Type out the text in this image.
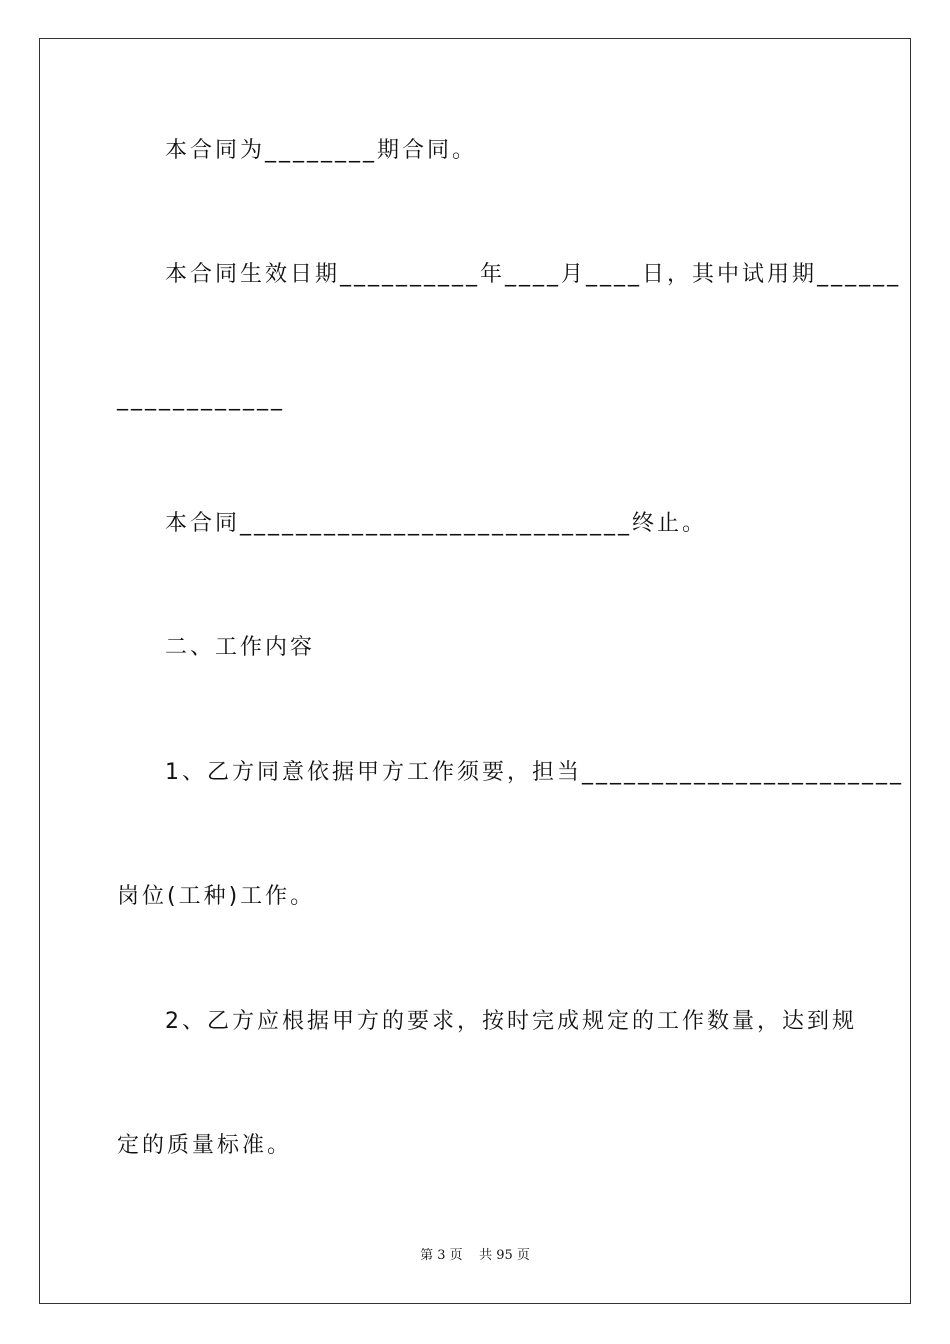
本合同为________期合同。

本合同生效日期__________年____月____日，其中试用期______

____________

本合同____________________________终止。

二、工作内容

1、乙方同意依据甲方工作须要，担当_______________________

岗位(工种)工作。

2、乙方应根据甲方的要求，按时完成规定的工作数量，达到规

定的质量标准。

第 3 页    共 95 页
